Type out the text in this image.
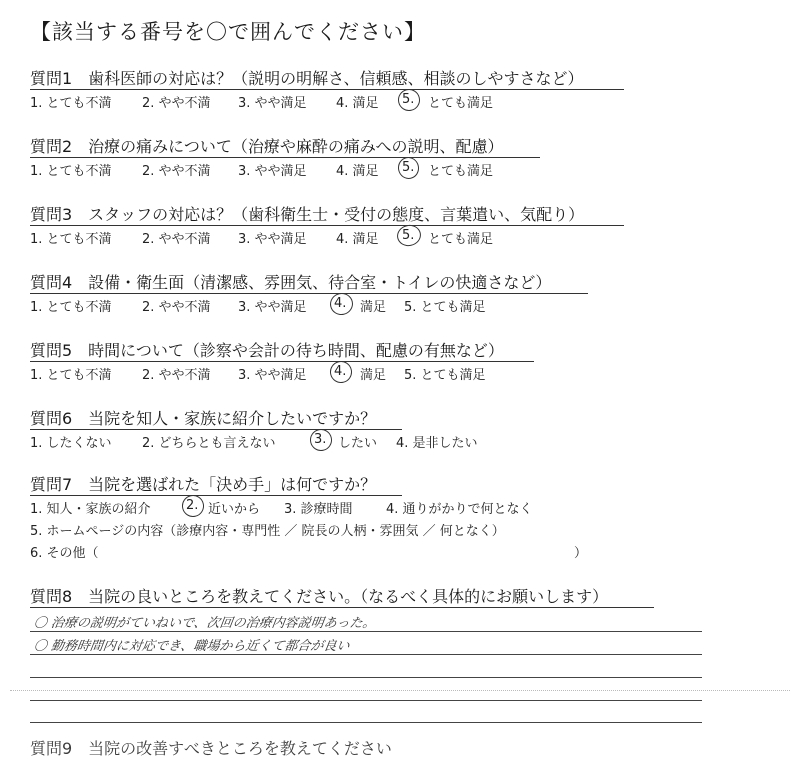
【該当する番号を〇で囲んでください】
質問1　歯科医師の対応は？（説明の明解さ、信頼感、相談のしやすさなど）
1. とても不満 2. やや不満 3. やや満足 4. 満足 5. とても満足
質問2　治療の痛みについて（治療や麻酔の痛みへの説明、配慮）
1. とても不満 2. やや不満 3. やや満足 4. 満足 5. とても満足
質問3　スタッフの対応は？（歯科衛生士・受付の態度、言葉遣い、気配り）
1. とても不満 2. やや不満 3. やや満足 4. 満足 5. とても満足
質問4　設備・衛生面（清潔感、雰囲気、待合室・トイレの快適さなど）
1. とても不満 2. やや不満 3. やや満足 4. 満足 5. とても満足
質問5　時間について（診察や会計の待ち時間、配慮の有無など）
1. とても不満 2. やや不満 3. やや満足 4. 満足 5. とても満足
質問6　当院を知人・家族に紹介したいですか？
1. したくない 2. どちらとも言えない	3. したい 4. 是非したい
質問7　当院を選ばれた「決め手」は何ですか？
1. 知人・家族の紹介	2. 近いから 3. 診療時間	4. 通りがかりで何となく
5. ホームページの内容（診療内容・専門性 ／ 院長の人柄・雰囲気 ／ 何となく）
6. その他（	）
質問8　当院の良いところを教えてください。（なるべく具体的にお願いします）
〇 治療の説明がていねいで、次回の治療内容説明あった。
〇 勤務時間内に対応でき、職場から近くて都合が良い
質問9　当院の改善すべきところを教えてください
